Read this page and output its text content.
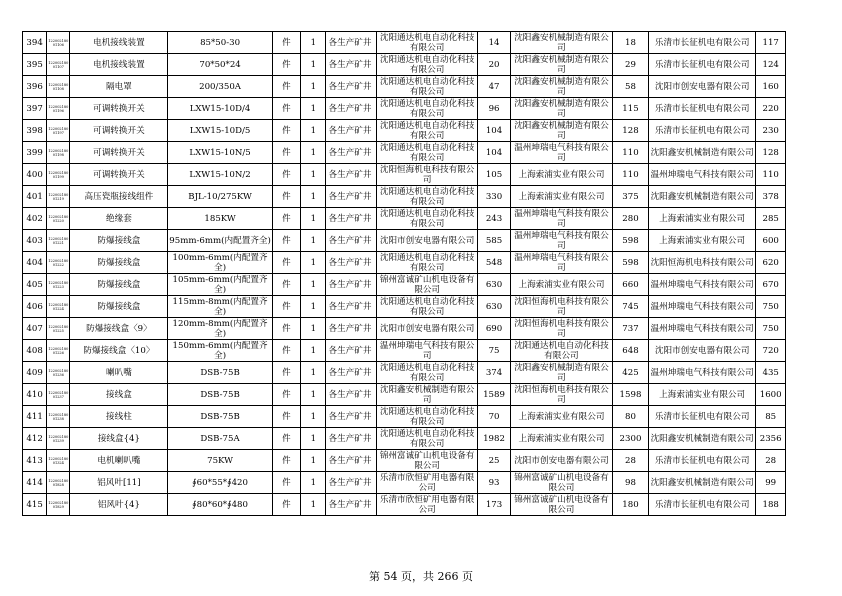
394	122002180 01106	电机接线装置	85*50-30	件	1	各生产矿井	沈阳通达机电自动化科技有限公司	14	沈阳鑫安机械制造有限公司	18	乐清市长征机电有限公司	117
395	122002180 01107	电机接线装置	70*50*24	件	1	各生产矿井	沈阳通达机电自动化科技有限公司	20	沈阳鑫安机械制造有限公司	29	乐清市长征机电有限公司	124
396	122002180 01108	隔电罩	200/350A	件	1	各生产矿井	沈阳通达机电自动化科技有限公司	47	沈阳鑫安机械制造有限公司	58	沈阳市创安电器有限公司	160
397	122002180 01196	可调转换开关	LXW15-10D/4	件	1	各生产矿井	沈阳通达机电自动化科技有限公司	96	沈阳鑫安机械制造有限公司	115	乐清市长征机电有限公司	220
398	122002180 01197	可调转换开关	LXW15-10D/5	件	1	各生产矿井	沈阳通达机电自动化科技有限公司	104	沈阳鑫安机械制造有限公司	128	乐清市长征机电有限公司	230
399	122002180 01198	可调转换开关	LXW15-10N/5	件	1	各生产矿井	沈阳通达机电自动化科技有限公司	104	温州坤瑞电气科技有限公司	110	沈阳鑫安机械制造有限公司	128
400	122002180 01199	可调转换开关	LXW15-10N/2	件	1	各生产矿井	沈阳恒海机电科技有限公司	105	上海索浦实业有限公司	110	温州坤瑞电气科技有限公司	110
401	122002180 01219	高压瓷瓶接线组件	BJL-10/275KW	件	1	各生产矿井	沈阳通达机电自动化科技有限公司	330	上海索浦实业有限公司	375	沈阳鑫安机械制造有限公司	378
402	122002180 01220	绝缘套	185KW	件	1	各生产矿井	沈阳通达机电自动化科技有限公司	243	温州坤瑞电气科技有限公司	280	上海索浦实业有限公司	285
403	122002180 01221	防爆接线盒	95mm-6mm(内配置齐全)	件	1	各生产矿井	沈阳市创安电器有限公司	585	温州坤瑞电气科技有限公司	598	上海索浦实业有限公司	600
404	122002180 01222	防爆接线盒	100mm-6mm(内配置齐全)	件	1	各生产矿井	沈阳通达机电自动化科技有限公司	548	温州坤瑞电气科技有限公司	598	沈阳恒海机电科技有限公司	620
405	122002180 01223	防爆接线盒	105mm-6mm(内配置齐全)	件	1	各生产矿井	锦州富诚矿山机电设备有限公司	630	上海索浦实业有限公司	660	温州坤瑞电气科技有限公司	670
406	122002180 01224	防爆接线盒	115mm-8mm(内配置齐全)	件	1	各生产矿井	沈阳通达机电自动化科技有限公司	630	沈阳恒海机电科技有限公司	745	温州坤瑞电气科技有限公司	750
407	122002180 01225	防爆接线盒〈9〉	120mm-8mm(内配置齐全)	件	1	各生产矿井	沈阳市创安电器有限公司	690	沈阳恒海机电科技有限公司	737	温州坤瑞电气科技有限公司	750
408	122002180 01226	防爆接线盒〈10〉	150mm-6mm(内配置齐全)	件	1	各生产矿井	温州坤瑞电气科技有限公司	75	沈阳通达机电自动化科技有限公司	648	沈阳市创安电器有限公司	720
409	122002180 01236	喇叭嘴	DSB-75B	件	1	各生产矿井	沈阳通达机电自动化科技有限公司	374	沈阳鑫安机械制造有限公司	425	温州坤瑞电气科技有限公司	435
410	122002180 01237	接线盒	DSB-75B	件	1	各生产矿井	沈阳鑫安机械制造有限公司	1589	沈阳恒海机电科技有限公司	1598	上海索浦实业有限公司	1600
411	122002180 01238	接线柱	DSB-75B	件	1	各生产矿井	沈阳通达机电自动化科技有限公司	70	上海索浦实业有限公司	80	乐清市长征机电有限公司	85
412	122002180 01239	接线盒{4}	DSB-75A	件	1	各生产矿井	沈阳通达机电自动化科技有限公司	1982	上海索浦实业有限公司	2300	沈阳鑫安机械制造有限公司	2356
413	122002180 01324	电机喇叭嘴	75KW	件	1	各生产矿井	锦州富诚矿山机电设备有限公司	25	沈阳市创安电器有限公司	28	乐清市长征机电有限公司	28
414	122002180 01828	铝风叶[11]	∮60*55*∮420	件	1	各生产矿井	乐清市欣恒矿用电器有限公司	93	锦州富诚矿山机电设备有限公司	98	沈阳鑫安机械制造有限公司	99
415	122002180 01829	铝风叶{4}	∮80*60*∮480	件	1	各生产矿井	乐清市欣恒矿用电器有限公司	173	锦州富诚矿山机电设备有限公司	180	乐清市长征机电有限公司	188
第 54 页，共 266 页
